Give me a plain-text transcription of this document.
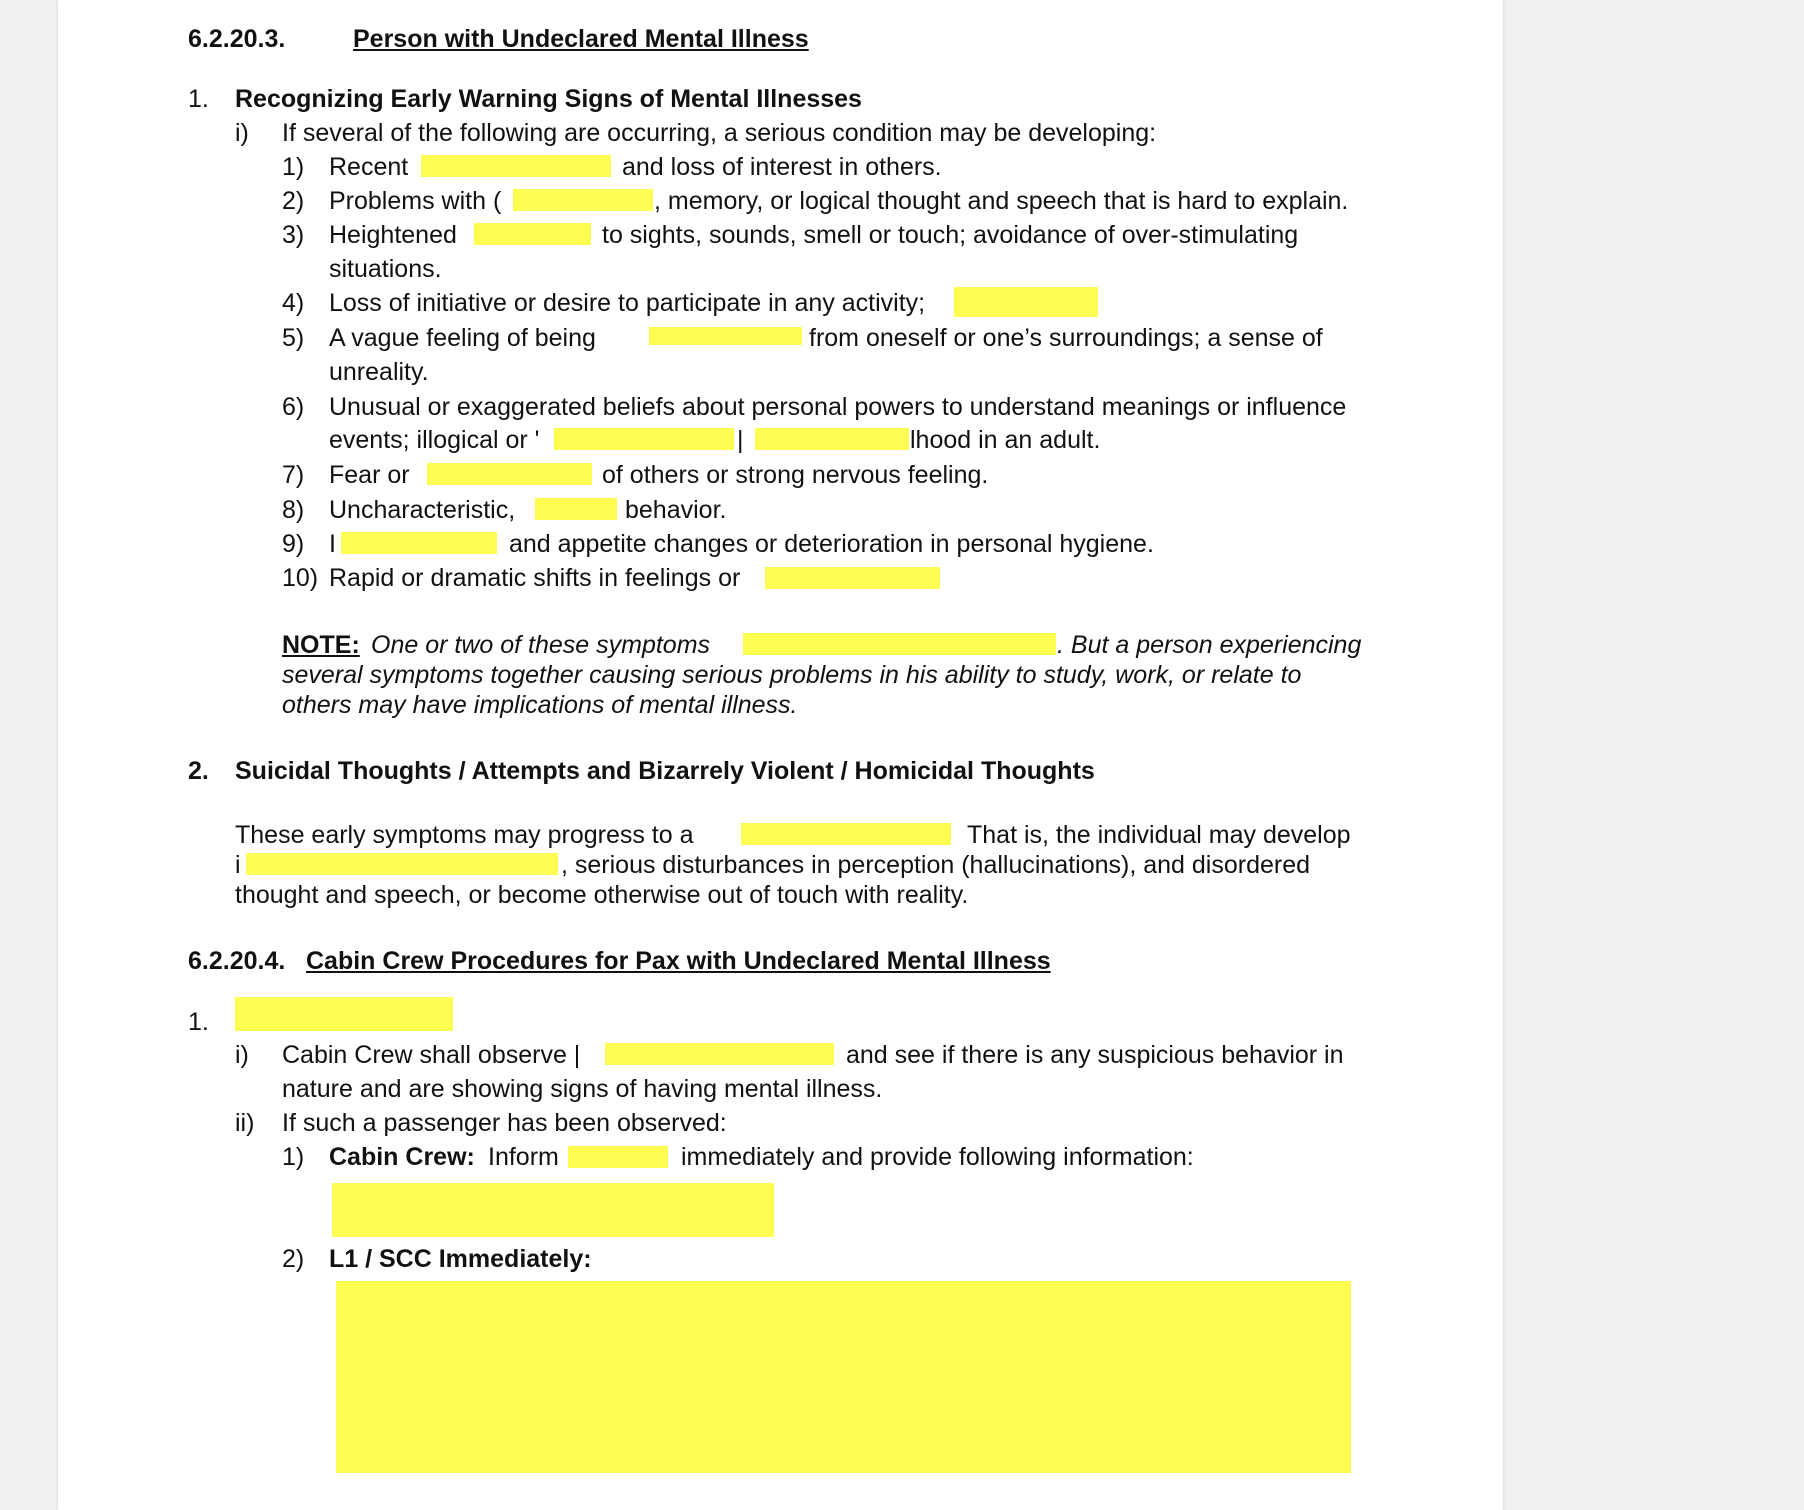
6.2.20.3.	Person with Undeclared Mental Illness
1. Recognizing Early Warning Signs of Mental Illnesses
i) If several of the following are occurring, a serious condition may be developing:
1) Recent	and loss of interest in others.
2) Problems with (	, memory, or logical thought and speech that is hard to explain.
3) Heightened	to sights, sounds, smell or touch; avoidance of over-stimulating
situations.
4) Loss of initiative or desire to participate in any activity;
5) A vague feeling of being	from oneself or one’s surroundings; a sense of
unreality.
6) Unusual or exaggerated beliefs about personal powers to understand meanings or influence
events; illogical or '	|	lhood in an adult.
7) Fear or	of others or strong nervous feeling.
8) Uncharacteristic,	behavior.
9) I	and appetite changes or deterioration in personal hygiene.
10) Rapid or dramatic shifts in feelings or
NOTE: One or two of these symptoms	. But a person experiencing
several symptoms together causing serious problems in his ability to study, work, or relate to
others may have implications of mental illness.
2. Suicidal Thoughts / Attempts and Bizarrely Violent / Homicidal Thoughts
These early symptoms may progress to a	That is, the individual may develop
i	, serious disturbances in perception (hallucinations), and disordered
thought and speech, or become otherwise out of touch with reality.
6.2.20.4. Cabin Crew Procedures for Pax with Undeclared Mental Illness
1.
i) Cabin Crew shall observe |	and see if there is any suspicious behavior in
nature and are showing signs of having mental illness.
ii) If such a passenger has been observed:
1) Cabin Crew: Inform	immediately and provide following information:
2) L1 / SCC Immediately:
